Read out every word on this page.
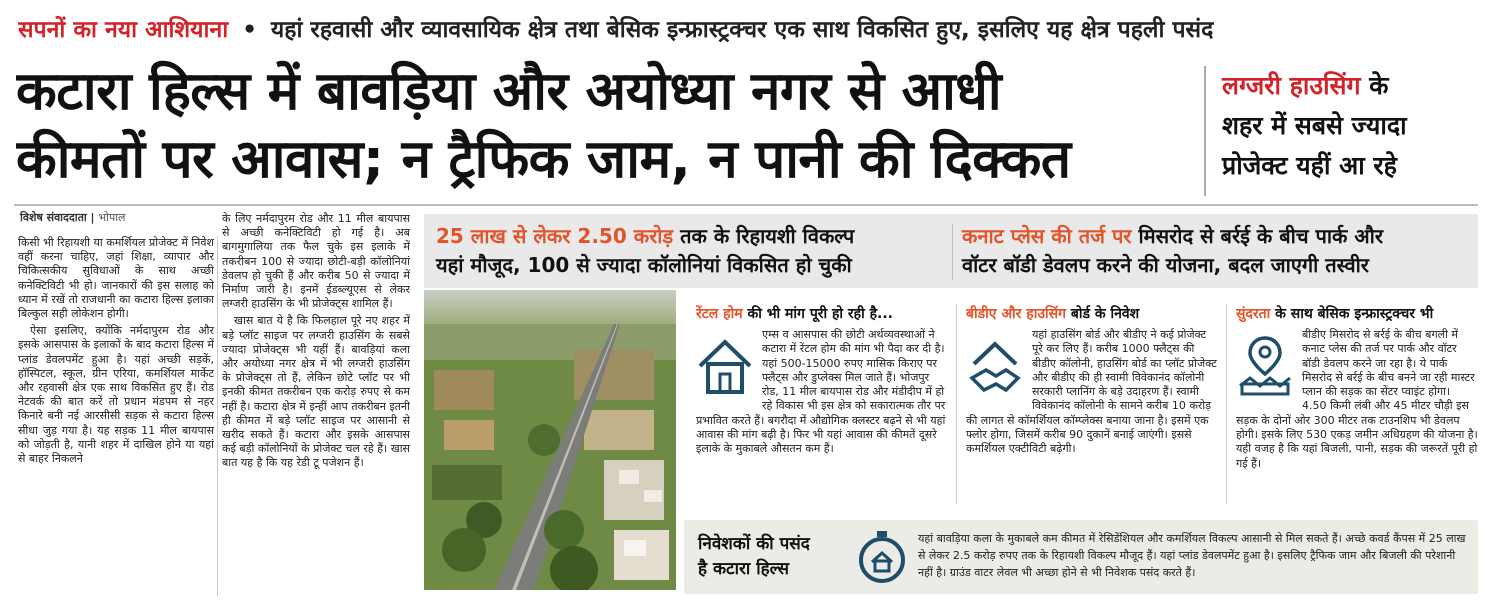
सपनों का नया आशियाना • यहां रहवासी और व्यावसायिक क्षेत्र तथा बेसिक इन्फ्रास्ट्रक्चर एक साथ विकसित हुए, इसलिए यह क्षेत्र पहली पसंद
कटारा हिल्स में बावड़िया और अयोध्या नगर से आधी
कीमतों पर आवास; न ट्रैफिक जाम, न पानी की दिक्कत
लग्जरी हाउसिंग के
शहर में सबसे ज्यादा
प्रोजेक्ट यहीं आ रहे
विशेष संवाददाता | भोपाल

किसी भी रिहायशी या कमर्शियल प्रोजेक्ट में निवेश वहीं करना चाहिए, जहां शिक्षा, व्यापार और चिकित्सकीय सुविधाओं के साथ अच्छी कनेक्टिविटी भी हो। जानकारों की इस सलाह को ध्यान में रखें तो राजधानी का कटारा हिल्स इलाका बिल्कुल सही लोकेशन होगी।

ऐसा इसलिए, क्योंकि नर्मदापुरम रोड और इसके आसपास के इलाकों के बाद कटारा हिल्स में प्लांड डेवलपमेंट हुआ है। यहां अच्छी सड़कें, हॉस्पिटल, स्कूल, ग्रीन एरिया, कमर्शियल मार्केट और रहवासी क्षेत्र एक साथ विकसित हुए हैं। रोड नेटवर्क की बात करें तो प्रधान मंडपम से नहर किनारे बनी नई आरसीसी सड़क से कटारा हिल्स सीधा जुड़ गया है। यह सड़क 11 मील बायपास को जोड़ती है, यानी शहर में दाखिल होने या यहां से बाहर निकलने

के लिए नर्मदापुरम रोड और 11 मील बायपास से अच्छी कनेक्टिविटी हो गई है। अब बागमुगालिया तक फैल चुके इस इलाके में तकरीबन 100 से ज्यादा छोटी-बड़ी कॉलोनियां डेवलप हो चुकी हैं और करीब 50 से ज्यादा में निर्माण जारी है। इनमें ईडब्ल्यूएस से लेकर लग्जरी हाउसिंग के भी प्रोजेक्ट्स शामिल हैं।

खास बात ये है कि फिलहाल पूरे नए शहर में बड़े प्लॉट साइज पर लग्जरी हाउसिंग के सबसे ज्यादा प्रोजेक्ट्स भी यहीं हैं। बावड़ियां कला और अयोध्या नगर क्षेत्र में भी लग्जरी हाउसिंग के प्रोजेक्ट्स तो हैं, लेकिन छोटे प्लॉट पर भी इनकी कीमत तकरीबन एक करोड़ रुपए से कम नहीं है। कटारा क्षेत्र में इन्हीं आप तकरीबन इतनी ही कीमत में बड़े प्लॉट साइज पर आसानी से खरीद सकते हैं। कटारा और इसके आसपास कई बड़ी कॉलोनियों के प्रोजेक्ट चल रहे हैं। खास बात यह है कि यह रेडी टू पजेशन हैं।

25 लाख से लेकर 2.50 करोड़ तक के रिहायशी विकल्प
यहां मौजूद, 100 से ज्यादा कॉलोनियां विकसित हो चुकी
कनाट प्लेस की तर्ज पर मिसरोद से बर्रई के बीच पार्क और
वॉटर बॉडी डेवलप करने की योजना, बदल जाएगी तस्वीर
रेंटल होम की भी मांग पूरी हो रही है...
एम्स व आसपास की छोटी अर्थव्यवस्थाओं ने कटारा में रेंटल होम की मांग भी पैदा कर दी है। यहां 500-15000 रुपए मासिक किराए पर फ्लैट्स और डुप्लेक्स मिल जाते हैं। भोजपुर रोड, 11 मील बायपास रोड और मंडीदीप में हो रहे विकास भी इस क्षेत्र को सकारात्मक तौर पर प्रभावित करते हैं। बगरौदा में औद्योगिक क्लस्टर बढ़ने से भी यहां आवास की मांग बढ़ी है। फिर भी यहां आवास की कीमतें दूसरे इलाके के मुकाबले औसतन कम हैं।
बीडीए और हाउसिंग बोर्ड के निवेश
यहां हाउसिंग बोर्ड और बीडीए ने कई प्रोजेक्ट पूरे कर लिए हैं। करीब 1000 फ्लैट्स की बीडीए कॉलोनी, हाउसिंग बोर्ड का प्लॉट प्रोजेक्ट और बीडीए की ही स्वामी विवेकानंद कॉलोनी सरकारी प्लानिंग के बड़े उदाहरण हैं। स्वामी विवेकानंद कॉलोनी के सामने करीब 10 करोड़ की लागत से कॉमर्शियल कॉम्प्लेक्स बनाया जाना है। इसमें एक फ्लोर होगा, जिसमें करीब 90 दुकानें बनाई जाएंगी। इससे कमर्शियल एक्टीविटी बढ़ेगी।
सुंदरता के साथ बेसिक इन्फ्रास्ट्रक्चर भी
बीडीए मिसरोद से बर्रई के बीच बगली में कनाट प्लेस की तर्ज पर पार्क और वॉटर बॉडी डेवलप करने जा रहा है। ये पार्क मिसरोद से बर्रई के बीच बनने जा रही मास्टर प्लान की सड़क का सेंटर प्वाइंट होगा। 4.50 किमी लंबी और 45 मीटर चौड़ी इस सड़क के दोनों ओर 300 मीटर तक टाउनशिप भी डेवलप होगी। इसके लिए 530 एकड़ जमीन अधिग्रहण की योजना है। यही वजह है कि यहां बिजली, पानी, सड़क की जरूरतें पूरी हो गई हैं।
निवेशकों की पसंद
है कटारा हिल्स
यहां बावड़िया कला के मुकाबले कम कीमत में रेसिडेंशियल और कमर्शियल विकल्प आसानी से मिल सकते हैं। अच्छे कवर्ड कैंपस में 25 लाख से लेकर 2.5 करोड़ रुपए तक के रिहायशी विकल्प मौजूद हैं। यहां प्लांड डेवलपमेंट हुआ है। इसलिए ट्रैफिक जाम और बिजली की परेशानी नहीं है। ग्राउंड वाटर लेवल भी अच्छा होने से भी निवेशक पसंद करते हैं।
